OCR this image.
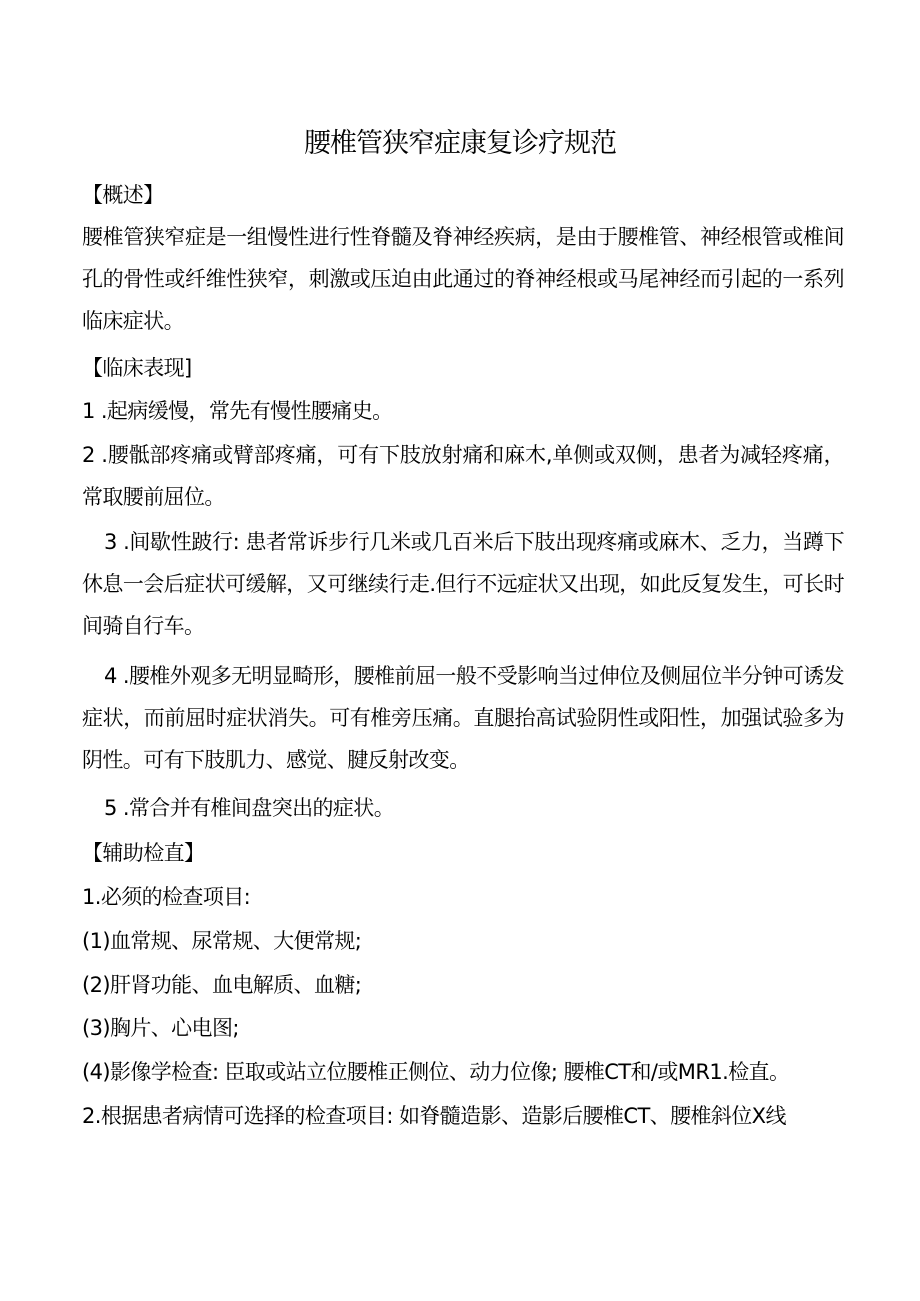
腰椎管狭窄症康复诊疗规范
【概述】
腰椎管狭窄症是一组慢性进行性脊髓及脊神经疾病，是由于腰椎管、神经根管或椎间孔的骨性或纤维性狭窄，刺激或压迫由此通过的脊神经根或马尾神经而引起的一系列临床症状。
【临床表现]
1 .起病缓慢，常先有慢性腰痛史。
2 .腰骶部疼痛或臂部疼痛，可有下肢放射痛和麻木,单侧或双侧，患者为减轻疼痛，常取腰前屈位。
3 .间歇性跛行: 患者常诉步行几米或几百米后下肢出现疼痛或麻木、乏力，当蹲下休息一会后症状可缓解，又可继续行走.但行不远症状又出现，如此反复发生，可长时间骑自行车。
4 .腰椎外观多无明显畸形，腰椎前屈一般不受影响当过伸位及侧屈位半分钟可诱发症状，而前屈时症状消失。可有椎旁压痛。直腿抬高试验阴性或阳性，加强试验多为阴性。可有下肢肌力、感觉、腱反射改变。
5 .常合并有椎间盘突出的症状。
【辅助检直】
1.必须的检查项目:
(1)血常规、尿常规、大便常规;
(2)肝肾功能、血电解质、血糖;
(3)胸片、心电图;
(4)影像学检查: 臣取或站立位腰椎正侧位、动力位像; 腰椎CT和/或MR1.检直。
2.根据患者病情可选择的检查项目: 如脊髓造影、造影后腰椎CT、腰椎斜位X线
